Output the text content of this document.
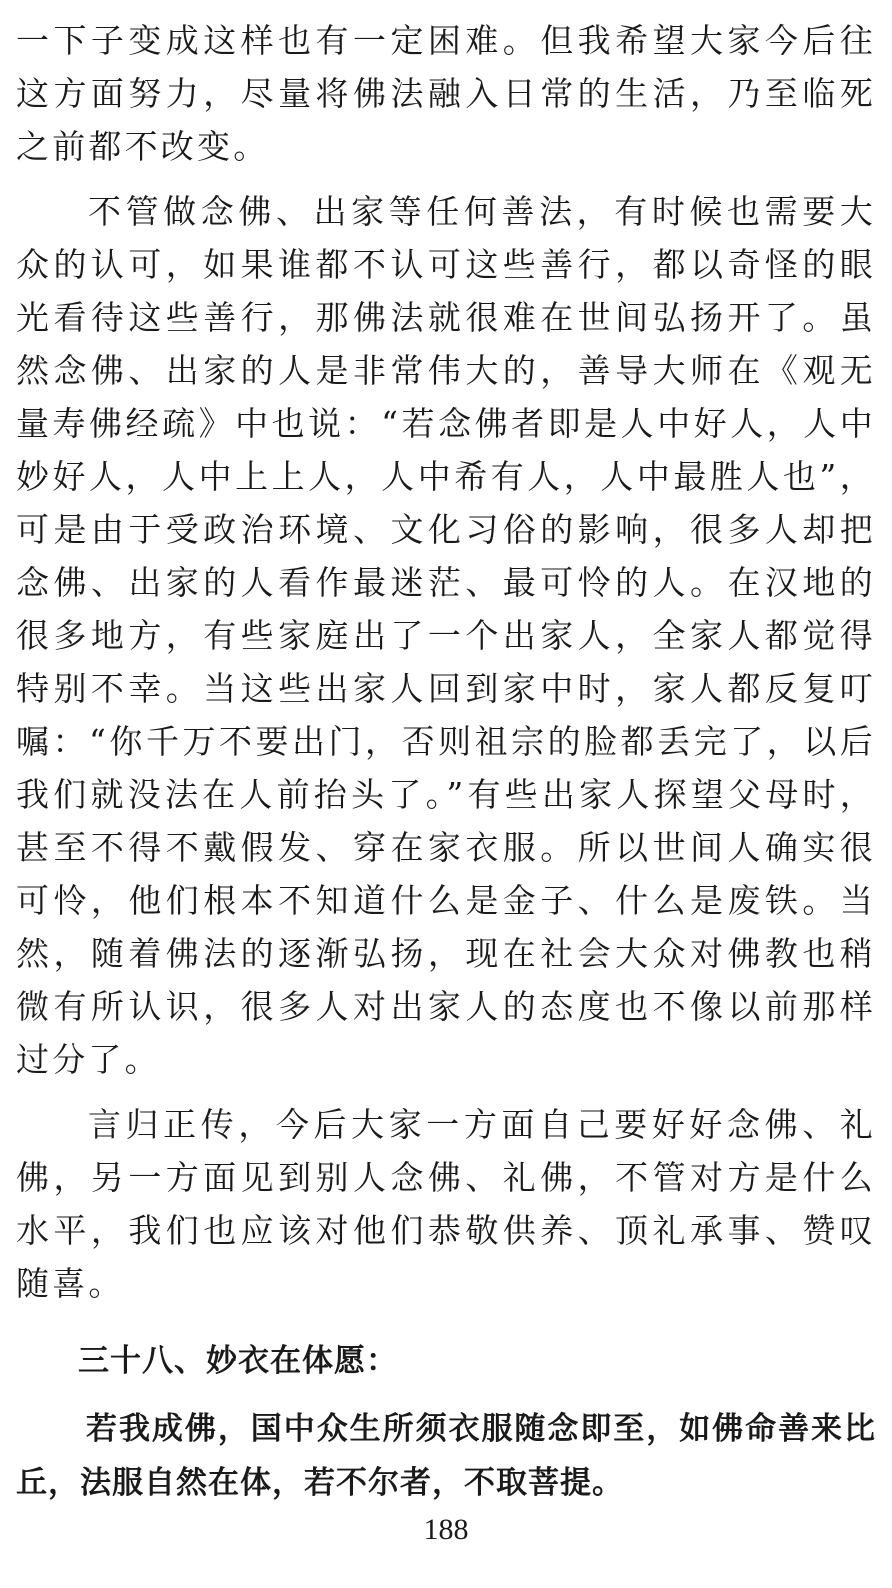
一下子变成这样也有一定困难。但我希望大家今后往这方面努力，尽量将佛法融入日常的生活，乃至临死之前都不改变。

不管做念佛、出家等任何善法，有时候也需要大众的认可，如果谁都不认可这些善行，都以奇怪的眼光看待这些善行，那佛法就很难在世间弘扬开了。虽然念佛、出家的人是非常伟大的，善导大师在《观无量寿佛经疏》中也说：“若念佛者即是人中好人，人中妙好人，人中上上人，人中希有人，人中最胜人也”，可是由于受政治环境、文化习俗的影响，很多人却把念佛、出家的人看作最迷茫、最可怜的人。在汉地的很多地方，有些家庭出了一个出家人，全家人都觉得特别不幸。当这些出家人回到家中时，家人都反复叮嘱：“你千万不要出门，否则祖宗的脸都丢完了，以后我们就没法在人前抬头了。”有些出家人探望父母时，甚至不得不戴假发、穿在家衣服。所以世间人确实很可怜，他们根本不知道什么是金子、什么是废铁。当然，随着佛法的逐渐弘扬，现在社会大众对佛教也稍微有所认识，很多人对出家人的态度也不像以前那样过分了。

言归正传，今后大家一方面自己要好好念佛、礼佛，另一方面见到别人念佛、礼佛，不管对方是什么水平，我们也应该对他们恭敬供养、顶礼承事、赞叹随喜。

三十八、妙衣在体愿：

若我成佛，国中众生所须衣服随念即至，如佛命善来比丘，法服自然在体，若不尔者，不取菩提。

188
